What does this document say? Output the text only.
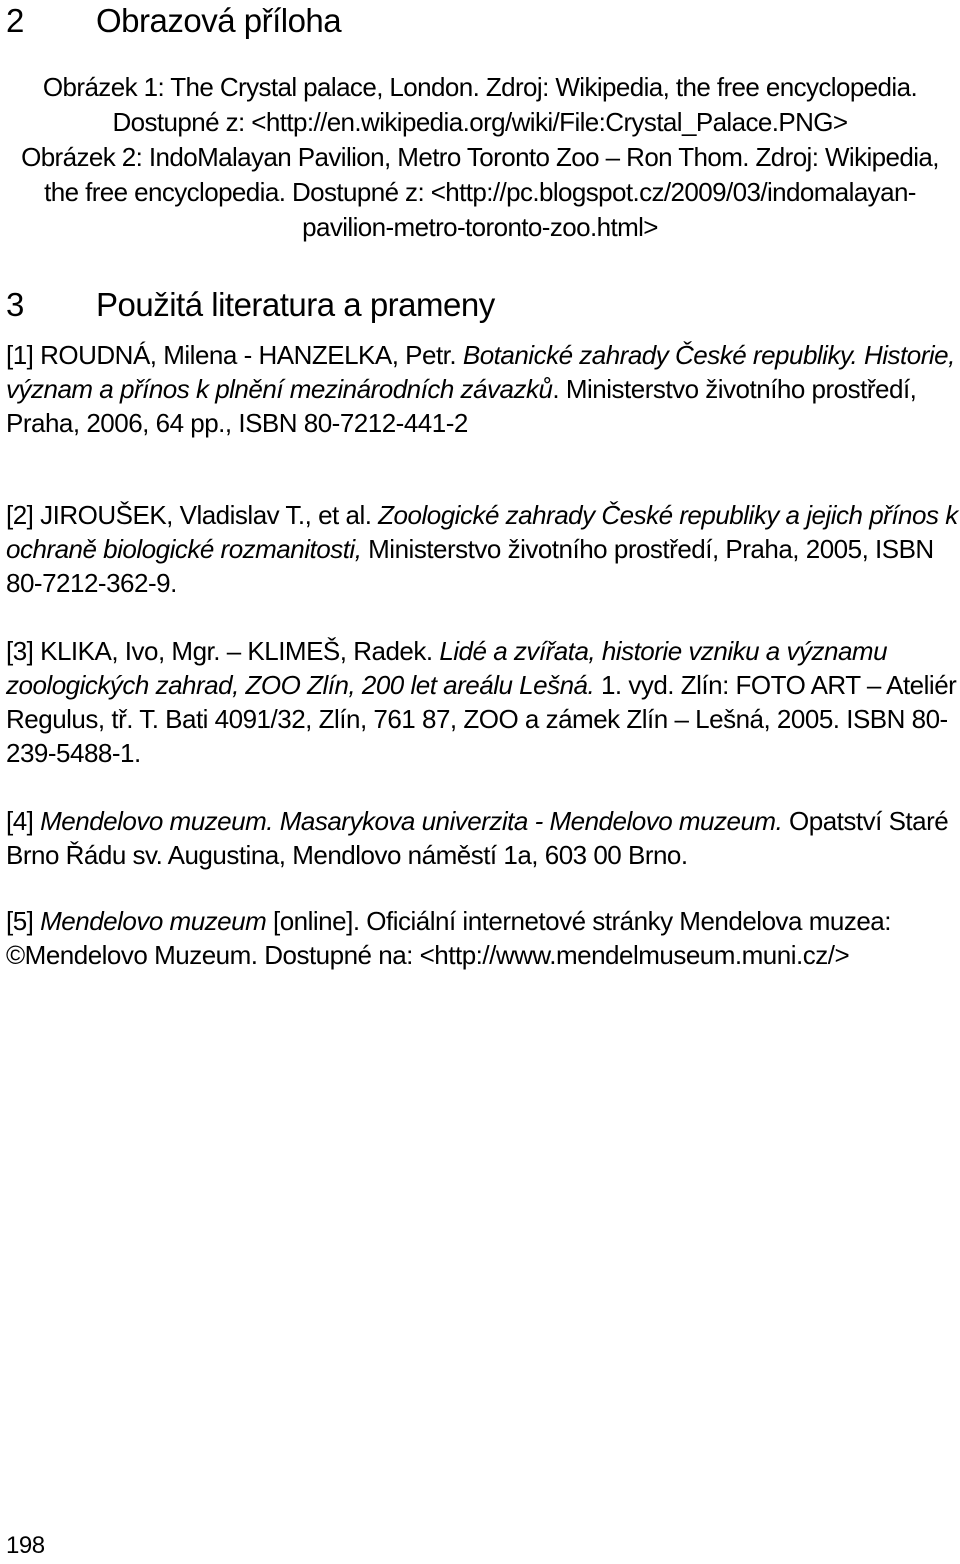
2 Obrazová příloha

Obrázek 1: The Crystal palace, London. Zdroj: Wikipedia, the free encyclopedia. Dostupné z: <http://en.wikipedia.org/wiki/File:Crystal_Palace.PNG>

Obrázek 2: IndoMalayan Pavilion, Metro Toronto Zoo – Ron Thom. Zdroj: Wikipedia, the free encyclopedia. Dostupné z: <http://pc.blogspot.cz/2009/03/indomalayan-pavilion-metro-toronto-zoo.html>

3 Použitá literatura a prameny

[1] ROUDNÁ, Milena - HANZELKA, Petr. Botanické zahrady České republiky. Historie, význam a přínos k plnění mezinárodních závazků. Ministerstvo životního prostředí, Praha, 2006, 64 pp., ISBN 80-7212-441-2

[2] JIROUŠEK, Vladislav T., et al. Zoologické zahrady České republiky a jejich přínos k ochraně biologické rozmanitosti, Ministerstvo životního prostředí, Praha, 2005, ISBN 80-7212-362-9.

[3] KLIKA, Ivo, Mgr. – KLIMEŠ, Radek. Lidé a zvířata, historie vzniku a významu zoologických zahrad, ZOO Zlín, 200 let areálu Lešná. 1. vyd. Zlín: FOTO ART – Ateliér Regulus, tř. T. Bati 4091/32, Zlín, 761 87, ZOO a zámek Zlín – Lešná, 2005. ISBN 80-239-5488-1.

[4] Mendelovo muzeum. Masarykova univerzita - Mendelovo muzeum. Opatství Staré Brno Řádu sv. Augustina, Mendlovo náměstí 1a, 603 00 Brno.

[5] Mendelovo muzeum [online]. Oficiální internetové stránky Mendelova muzea: ©Mendelovo Muzeum. Dostupné na: <http://www.mendelmuseum.muni.cz/>

198
